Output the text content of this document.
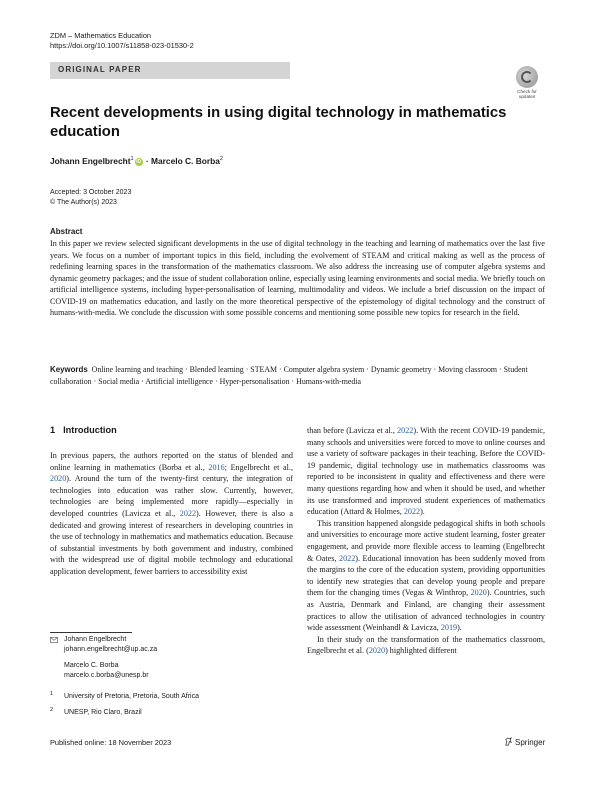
ZDM – Mathematics Education
https://doi.org/10.1007/s11858-023-01530-2
ORIGINAL PAPER
Check for
updates
Recent developments in using digital technology in mathematics education
Johann Engelbrecht$^1$ iD · Marcelo C. Borba$^2$
Accepted: 3 October 2023
© The Author(s) 2023
Abstract
In this paper we review selected significant developments in the use of digital technology in the teaching and learning of mathematics over the last five years. We focus on a number of important topics in this field, including the evolvement of STEAM and critical making as well as the process of redefining learning spaces in the transformation of the mathematics classroom. We also address the increasing use of computer algebra systems and dynamic geometry packages; and the issue of student collaboration online, especially using learning environments and social media. We briefly touch on artificial intelligence systems, including hyper-personalisation of learning, multimodality and videos. We include a brief discussion on the impact of COVID-19 on mathematics education, and lastly on the more theoretical perspective of the epistemology of digital technology and the construct of humans-with-media. We conclude the discussion with some possible concerns and mentioning some possible new topics for research in the field.
Keywords Online learning and teaching · Blended learning · STEAM · Computer algebra system · Dynamic geometry · Moving classroom · Student collaboration · Social media · Artificial intelligence · Hyper-personalisation · Humans-with-media
1 Introduction

In previous papers, the authors reported on the status of blended and online learning in mathematics (Borba et al., 2016; Engelbrecht et al., 2020). Around the turn of the twenty-first century, the integration of technologies into education was rather slow. Currently, however, technologies are being implemented more rapidly—especially in developed countries (Lavicza et al., 2022). However, there is also a dedicated and growing interest of researchers in developing countries in the use of technology in mathematics and mathematics education. Because of substantial investments by both government and industry, combined with the widespread use of digital mobile technology and educational application development, fewer barriers to accessibility exist

than before (Lavicza et al., 2022). With the recent COVID-19 pandemic, many schools and universities were forced to move to online courses and use a variety of software packages in their teaching. Before the COVID-19 pandemic, digital technology use in mathematics classrooms was reported to be inconsistent in quality and effectiveness and there were many questions regarding how and when it should be used, and whether its use transformed and improved student experiences of mathematics education (Attard & Holmes, 2022).

This transition happened alongside pedagogical shifts in both schools and universities to encourage more active student learning, foster greater engagement, and provide more flexible access to learning (Engelbrecht & Oates, 2022). Educational innovation has been suddenly moved from the margins to the core of the education system, providing opportunities to identify new strategies that can develop young people and prepare them for the changing times (Vegas & Winthrop, 2020). Countries, such as Austria, Denmark and Finland, are changing their assessment practices to allow the utilisation of advanced technologies in country wide assessment (Weinhandl & Lavicza, 2019).

In their study on the transformation of the mathematics classroom, Engelbrecht et al. (2020) highlighted different

Johann Engelbrecht
johann.engelbrecht@up.ac.za
Marcelo C. Borba
marcelo.c.borba@unesp.br
1 University of Pretoria, Pretoria, South Africa
2 UNESP, Rio Claro, Brazil
Published online: 18 November 2023	Springer
